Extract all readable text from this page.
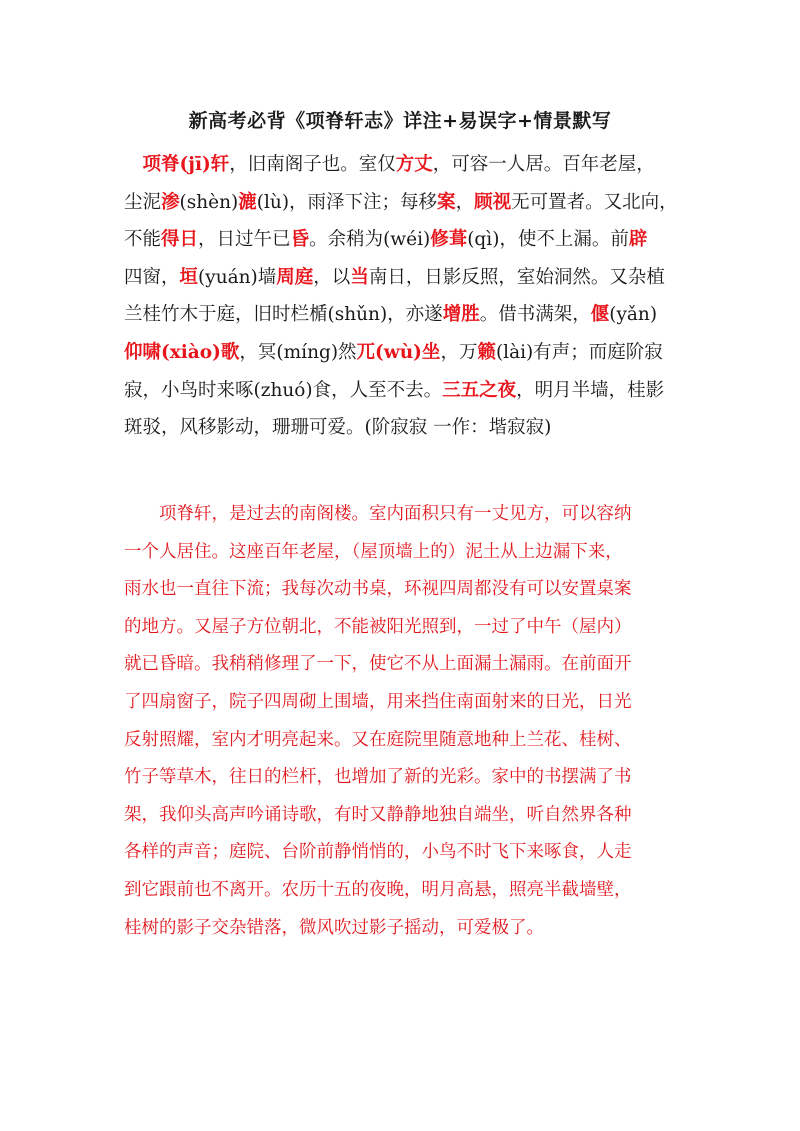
新高考必背《项脊轩志》详注+易误字+情景默写
　项脊(jī)轩，旧南阁子也。室仅方丈，可容一人居。百年老屋，
尘泥渗(shèn)漉(lù)，雨泽下注；每移案，顾视无可置者。又北向，
不能得日，日过午已昏。余稍为(wéi)修葺(qì)，使不上漏。前辟
四窗，垣(yuán)墙周庭，以当南日，日影反照，室始洞然。又杂植
兰桂竹木于庭，旧时栏楯(shǔn)，亦遂增胜。借书满架，偃(yǎn)
仰啸(xiào)歌，冥(míng)然兀(wù)坐，万籁(lài)有声；而庭阶寂
寂，小鸟时来啄(zhuó)食，人至不去。三五之夜，明月半墙，桂影
斑驳，风移影动，珊珊可爱。(阶寂寂 一作：堦寂寂)
　　项脊轩，是过去的南阁楼。室内面积只有一丈见方，可以容纳
一个人居住。这座百年老屋，（屋顶墙上的）泥土从上边漏下来，
雨水也一直往下流；我每次动书桌，环视四周都没有可以安置桌案
的地方。又屋子方位朝北，不能被阳光照到，一过了中午（屋内）
就已昏暗。我稍稍修理了一下，使它不从上面漏土漏雨。在前面开
了四扇窗子，院子四周砌上围墙，用来挡住南面射来的日光，日光
反射照耀，室内才明亮起来。又在庭院里随意地种上兰花、桂树、
竹子等草木，往日的栏杆，也增加了新的光彩。家中的书摆满了书
架，我仰头高声吟诵诗歌，有时又静静地独自端坐，听自然界各种
各样的声音；庭院、台阶前静悄悄的，小鸟不时飞下来啄食，人走
到它跟前也不离开。农历十五的夜晚，明月高悬，照亮半截墙壁，
桂树的影子交杂错落，微风吹过影子摇动，可爱极了。
